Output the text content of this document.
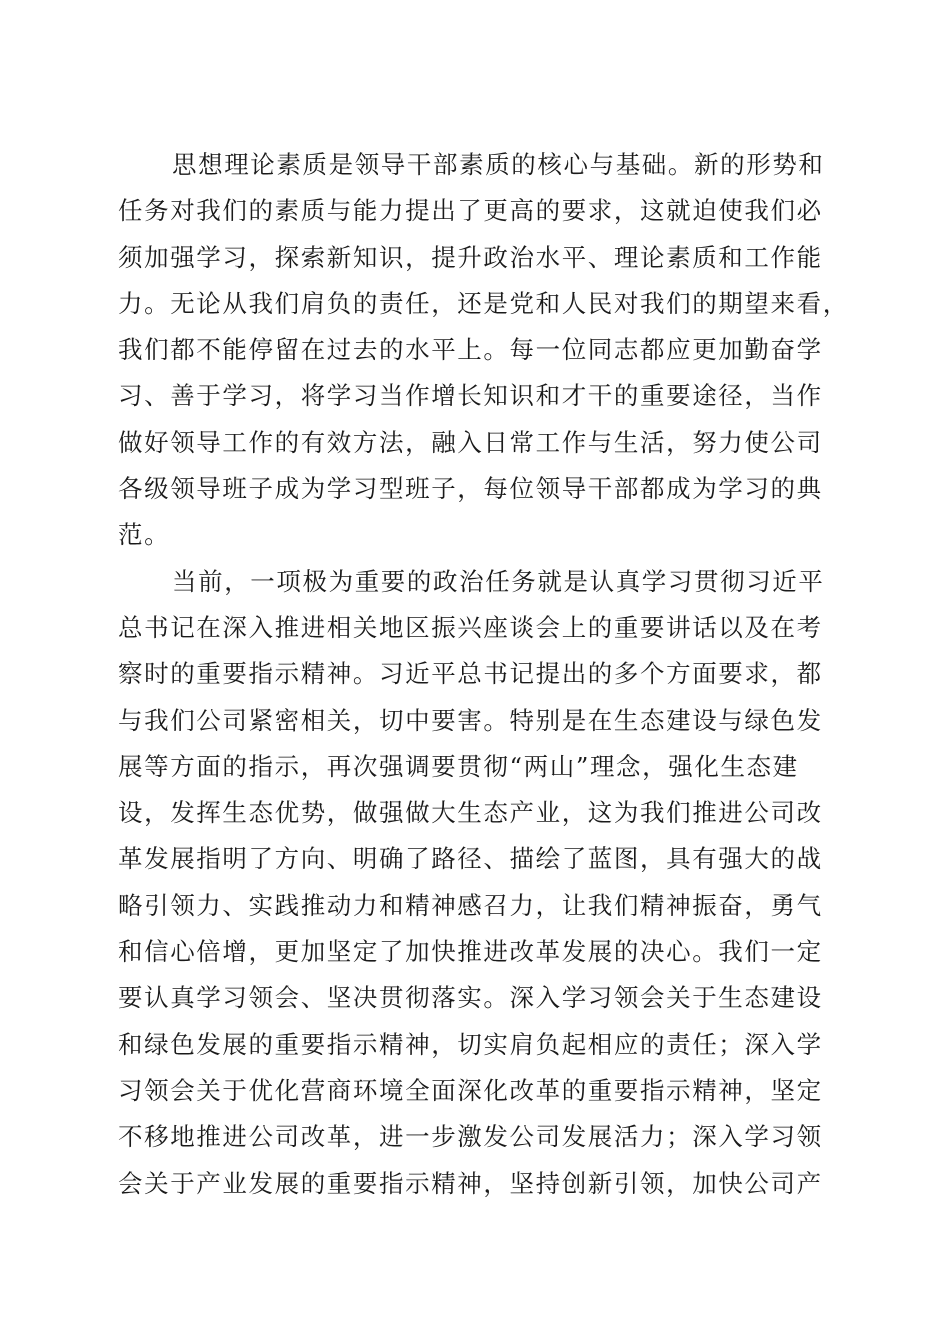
思想理论素质是领导干部素质的核心与基础。新的形势和
任务对我们的素质与能力提出了更高的要求，这就迫使我们必
须加强学习，探索新知识，提升政治水平、理论素质和工作能
力。无论从我们肩负的责任，还是党和人民对我们的期望来看，
我们都不能停留在过去的水平上。每一位同志都应更加勤奋学
习、善于学习，将学习当作增长知识和才干的重要途径，当作
做好领导工作的有效方法，融入日常工作与生活，努力使公司
各级领导班子成为学习型班子，每位领导干部都成为学习的典
范。
当前，一项极为重要的政治任务就是认真学习贯彻习近平
总书记在深入推进相关地区振兴座谈会上的重要讲话以及在考
察时的重要指示精神。习近平总书记提出的多个方面要求，都
与我们公司紧密相关，切中要害。特别是在生态建设与绿色发
展等方面的指示，再次强调要贯彻“两山”理念，强化生态建
设，发挥生态优势，做强做大生态产业，这为我们推进公司改
革发展指明了方向、明确了路径、描绘了蓝图，具有强大的战
略引领力、实践推动力和精神感召力，让我们精神振奋，勇气
和信心倍增，更加坚定了加快推进改革发展的决心。我们一定
要认真学习领会、坚决贯彻落实。深入学习领会关于生态建设
和绿色发展的重要指示精神，切实肩负起相应的责任；深入学
习领会关于优化营商环境全面深化改革的重要指示精神，坚定
不移地推进公司改革，进一步激发公司发展活力；深入学习领
会关于产业发展的重要指示精神，坚持创新引领，加快公司产
